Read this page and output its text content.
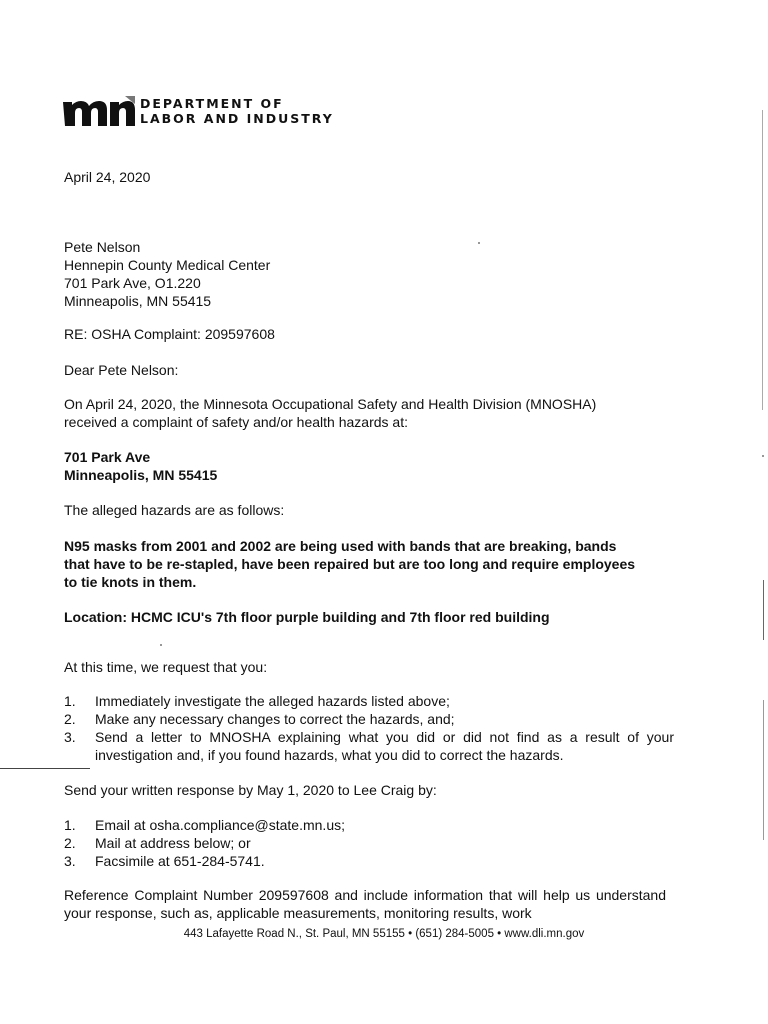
DEPARTMENT OF
LABOR AND INDUSTRY
April 24, 2020
Pete Nelson
Hennepin County Medical Center
701 Park Ave, O1.220
Minneapolis, MN 55415
RE: OSHA Complaint: 209597608
Dear Pete Nelson:
On April 24, 2020, the Minnesota Occupational Safety and Health Division (MNOSHA) received a complaint of safety and/or health hazards at:
701 Park Ave
Minneapolis, MN 55415
The alleged hazards are as follows:
N95 masks from 2001 and 2002 are being used with bands that are breaking, bands that have to be re-stapled, have been repaired but are too long and require employees to tie knots in them.
Location: HCMC ICU's 7th floor purple building and 7th floor red building
At this time, we request that you:
1.	Immediately investigate the alleged hazards listed above;
2.	Make any necessary changes to correct the hazards, and;
3.	Send a letter to MNOSHA explaining what you did or did not find as a result of your investigation and, if you found hazards, what you did to correct the hazards.
Send your written response by May 1, 2020 to Lee Craig by:
1.	Email at osha.compliance@state.mn.us;
2.	Mail at address below; or
3.	Facsimile at 651-284-5741.
Reference Complaint Number 209597608 and include information that will help us understand your response, such as, applicable measurements, monitoring results, work
443 Lafayette Road N., St. Paul, MN 55155 • (651) 284-5005 • www.dli.mn.gov
